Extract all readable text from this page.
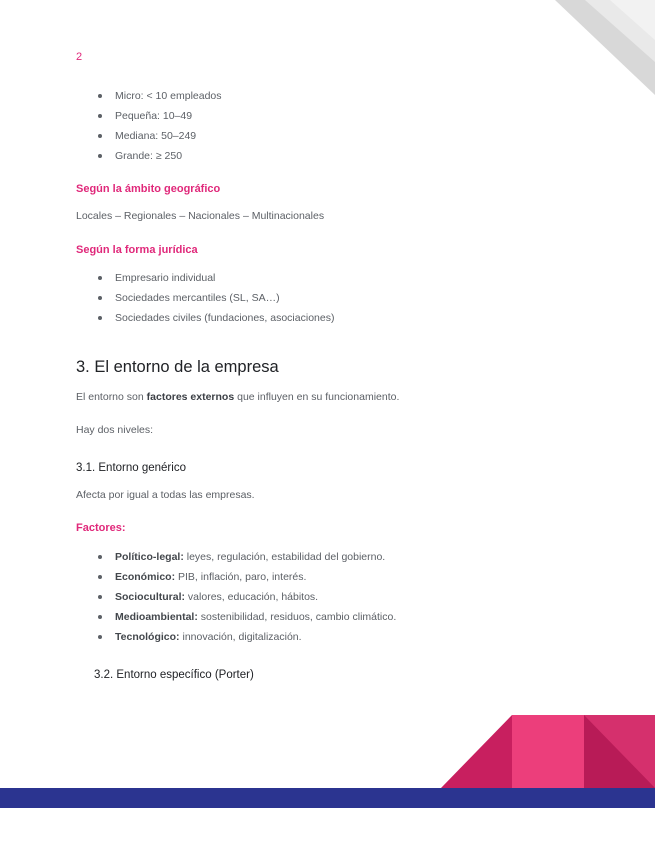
2
Micro: < 10 empleados
Pequeña: 10–49
Mediana: 50–249
Grande: ≥ 250
Según la ámbito geográfico
Locales – Regionales – Nacionales – Multinacionales
Según la forma jurídica
Empresario individual
Sociedades mercantiles (SL, SA…)
Sociedades civiles (fundaciones, asociaciones)
3. El entorno de la empresa
El entorno son factores externos que influyen en su funcionamiento.
Hay dos niveles:
3.1. Entorno genérico
Afecta por igual a todas las empresas.
Factores:
Político-legal: leyes, regulación, estabilidad del gobierno.
Económico: PIB, inflación, paro, interés.
Sociocultural: valores, educación, hábitos.
Medioambiental: sostenibilidad, residuos, cambio climático.
Tecnológico: innovación, digitalización.
3.2. Entorno específico (Porter)
